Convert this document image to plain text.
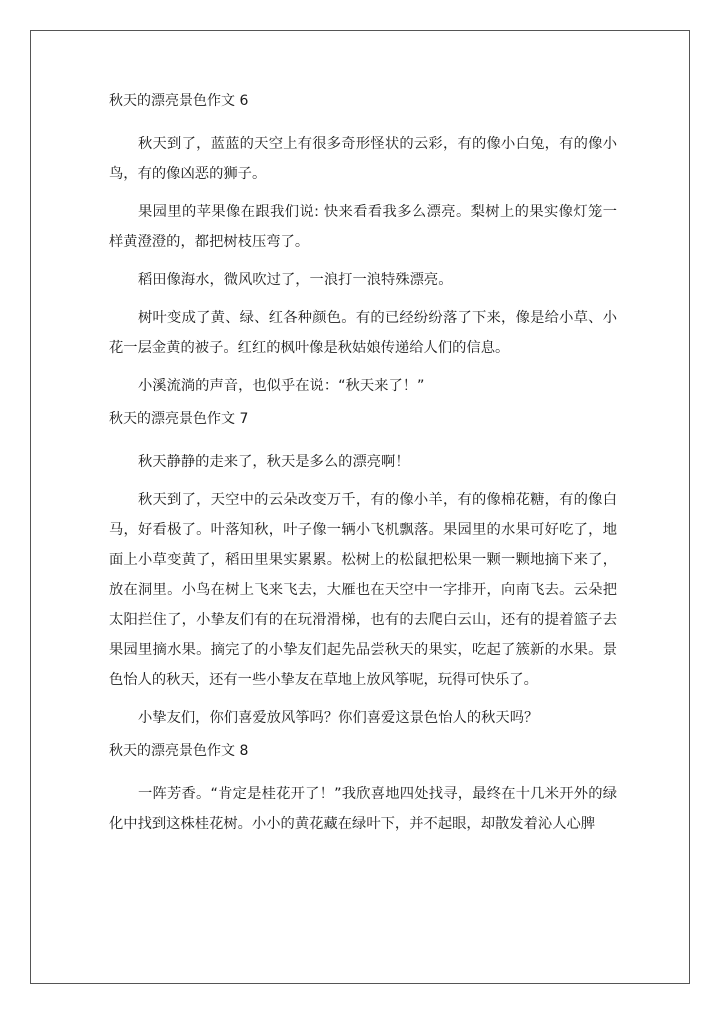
秋天的漂亮景色作文 6

秋天到了，蓝蓝的天空上有很多奇形怪状的云彩，有的像小白兔，有的像小鸟，有的像凶恶的狮子。

果园里的苹果像在跟我们说: 快来看看我多么漂亮。梨树上的果实像灯笼一样黄澄澄的，都把树枝压弯了。

稻田像海水，微风吹过了，一浪打一浪特殊漂亮。

树叶变成了黄、绿、红各种颜色。有的已经纷纷落了下来，像是给小草、小花一层金黄的被子。红红的枫叶像是秋姑娘传递给人们的信息。

小溪流淌的声音，也似乎在说：“秋天来了！”

秋天的漂亮景色作文 7

秋天静静的走来了，秋天是多么的漂亮啊！

秋天到了，天空中的云朵改变万千，有的像小羊，有的像棉花糖，有的像白马，好看极了。叶落知秋，叶子像一辆小飞机飘落。果园里的水果可好吃了，地面上小草变黄了，稻田里果实累累。松树上的松鼠把松果一颗一颗地摘下来了，放在洞里。小鸟在树上飞来飞去，大雁也在天空中一字排开，向南飞去。云朵把太阳拦住了，小挚友们有的在玩滑滑梯，也有的去爬白云山，还有的提着篮子去果园里摘水果。摘完了的小挚友们起先品尝秋天的果实，吃起了簇新的水果。景色怡人的秋天，还有一些小挚友在草地上放风筝呢，玩得可快乐了。

小挚友们，你们喜爱放风筝吗？你们喜爱这景色怡人的秋天吗？

秋天的漂亮景色作文 8

一阵芳香。“肯定是桂花开了！”我欣喜地四处找寻，最终在十几米开外的绿化中找到这株桂花树。小小的黄花藏在绿叶下，并不起眼，却散发着沁人心脾
